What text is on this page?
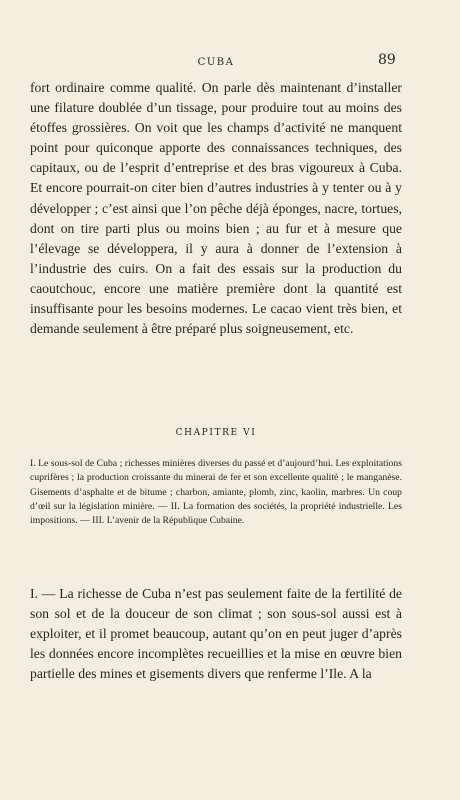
CUBA	89

fort ordinaire comme qualité. On parle dès maintenant d’installer une filature doublée d’un tissage, pour produire tout au moins des étoffes grossières. On voit que les champs d’activité ne manquent point pour quiconque apporte des connaissances techniques, des capitaux, ou de l’esprit d’entreprise et des bras vigoureux à Cuba. Et encore pourrait-on citer bien d’autres industries à y tenter ou à y développer ; c’est ainsi que l’on pêche déjà éponges, nacre, tortues, dont on tire parti plus ou moins bien ; au fur et à mesure que l’élevage se développera, il y aura à donner de l’extension à l’industrie des cuirs. On a fait des essais sur la production du caoutchouc, encore une matière première dont la quantité est insuffisante pour les besoins modernes. Le cacao vient très bien, et demande seulement à être préparé plus soigneusement, etc.

CHAPITRE VI

I. Le sous-sol de Cuba ; richesses minières diverses du passé et d’aujourd’hui. Les exploitations cuprifères ; la production croissante du minerai de fer et son excellente qualité ; le manganèse. Gisements d’asphalte et de bitume ; charbon, amiante, plomb, zinc, kaolin, marbres. Un coup d’œil sur la législation minière. — II. La formation des sociétés, la propriété industrielle. Les impositions. — III. L’avenir de la République Cubaine.

I. — La richesse de Cuba n’est pas seulement faite de la fertilité de son sol et de la douceur de son climat ; son sous-sol aussi est à exploiter, et il promet beaucoup, autant qu’on en peut juger d’après les données encore incomplètes recueillies et la mise en œuvre bien partielle des mines et gisements divers que renferme l’Ile. A la
